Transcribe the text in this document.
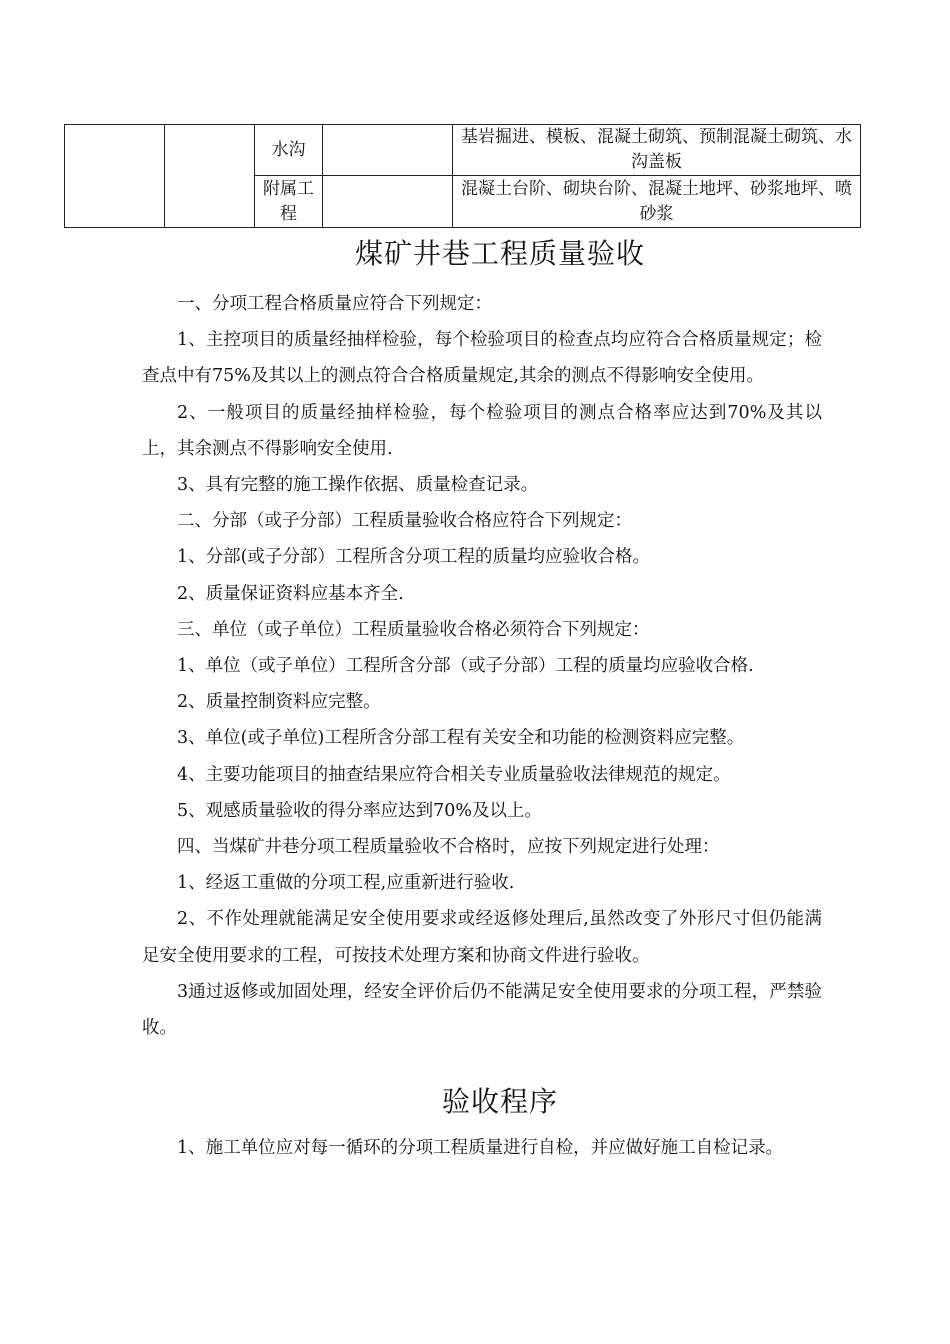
		水沟		基岩掘进、模板、混凝土砌筑、预制混凝土砌筑、水沟盖板

		附属工程		混凝土台阶、砌块台阶、混凝土地坪、砂浆地坪、喷砂浆
煤矿井巷工程质量验收

一、分项工程合格质量应符合下列规定：

1、主控项目的质量经抽样检验，每个检验项目的检查点均应符合合格质量规定；检查点中有75%及其以上的测点符合合格质量规定,其余的测点不得影响安全使用。

2、一般项目的质量经抽样检验，每个检验项目的测点合格率应达到70%及其以上，其余测点不得影响安全使用.

3、具有完整的施工操作依据、质量检查记录。

二、分部（或子分部）工程质量验收合格应符合下列规定：

1、分部(或子分部）工程所含分项工程的质量均应验收合格。

2、质量保证资料应基本齐全.

三、单位（或子单位）工程质量验收合格必须符合下列规定：

1、单位（或子单位）工程所含分部（或子分部）工程的质量均应验收合格.

2、质量控制资料应完整。

3、单位(或子单位)工程所含分部工程有关安全和功能的检测资料应完整。

4、主要功能项目的抽查结果应符合相关专业质量验收法律规范的规定。

5、观感质量验收的得分率应达到70%及以上。

四、当煤矿井巷分项工程质量验收不合格时，应按下列规定进行处理：

1、经返工重做的分项工程,应重新进行验收.

2、不作处理就能满足安全使用要求或经返修处理后,虽然改变了外形尺寸但仍能满足安全使用要求的工程，可按技术处理方案和协商文件进行验收。

3通过返修或加固处理，经安全评价后仍不能满足安全使用要求的分项工程，严禁验收。

验收程序

1、施工单位应对每一循环的分项工程质量进行自检，并应做好施工自检记录。
